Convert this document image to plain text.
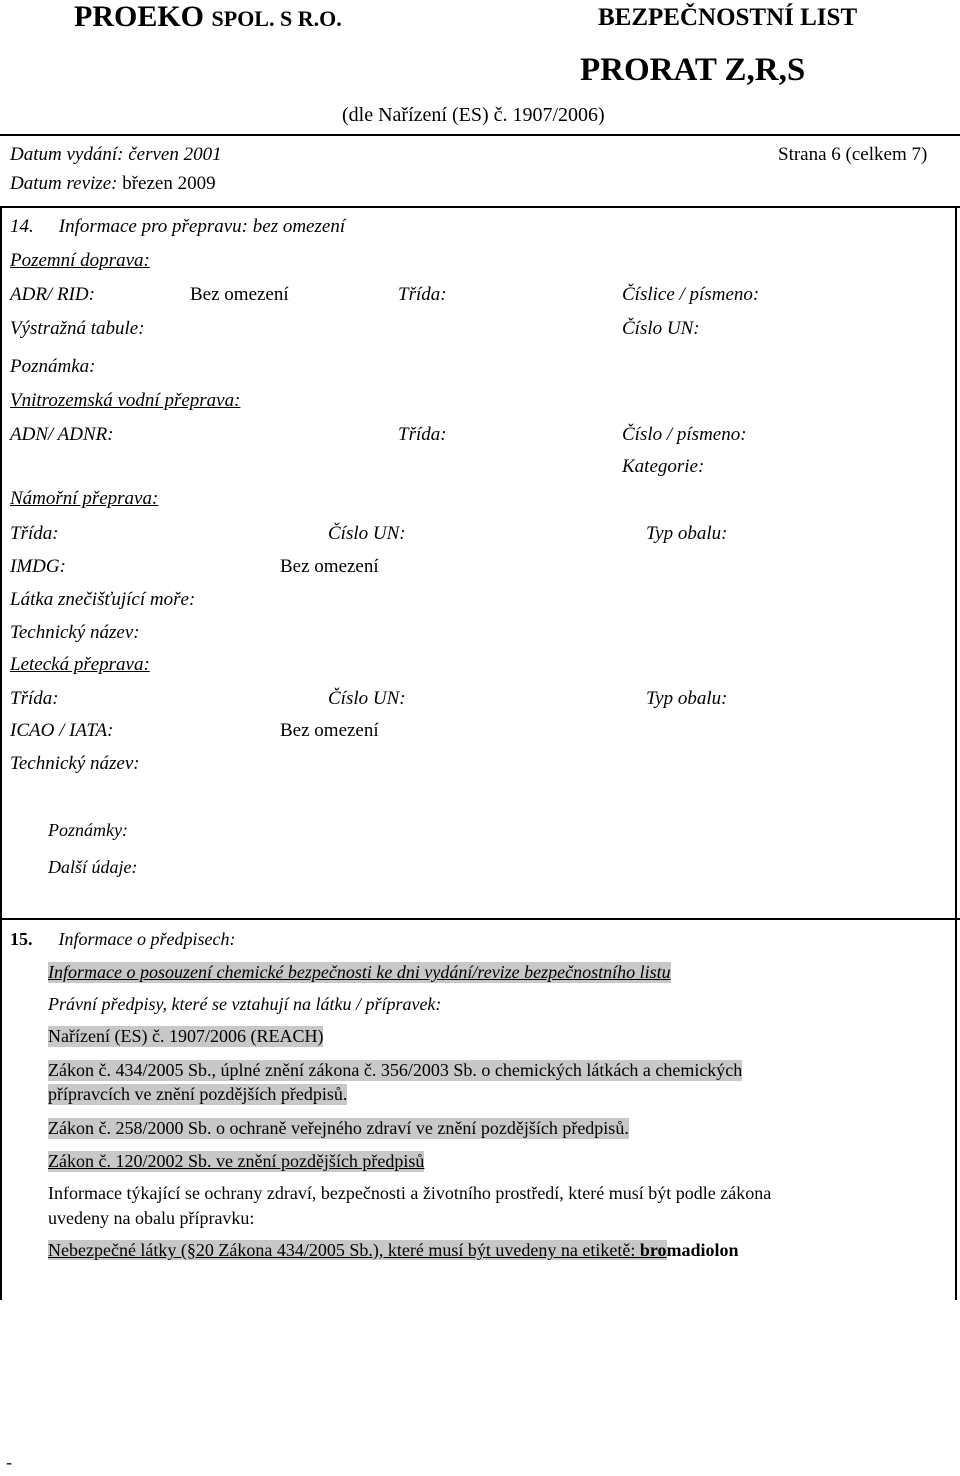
PROEKO SPOL. S R.O.	BEZPEČNOSTNÍ LIST
PRORAT Z,R,S
(dle Nařízení (ES) č. 1907/2006)
Datum vydání: červen 2001
Datum revize: březen 2009
Strana 6 (celkem 7)
14. Informace pro přepravu: bez omezení
Pozemní doprava:
ADR/ RID:	Bez omezení	Třída:	Číslice / písmeno:
Výstražná tabule:	Číslo UN:
Poznámka:
Vnitrozemská vodní přeprava:
ADN/ ADNR:	Třída:	Číslo / písmeno:
Kategorie:
Námořní přeprava:
Třída:	Číslo UN:	Typ obalu:
IMDG:	Bez omezení
Látka znečišťující moře:
Technický název:
Letecká přeprava:
Třída:	Číslo UN:	Typ obalu:
ICAO / IATA:	Bez omezení
Technický název:
Poznámky:
Další údaje:
15. Informace o předpisech:
Informace o posouzení chemické bezpečnosti ke dni vydání/revize bezpečnostního listu
Právní předpisy, které se vztahují na látku / přípravek:
Nařízení (ES) č. 1907/2006 (REACH)
Zákon č. 434/2005 Sb., úplné znění zákona č. 356/2003 Sb. o chemických látkách a chemických
přípravcích ve znění pozdějších předpisů.
Zákon č. 258/2000 Sb. o ochraně veřejného zdraví ve znění pozdějších předpisů.
Zákon č. 120/2002 Sb. ve znění pozdějších předpisů
Informace týkající se ochrany zdraví, bezpečnosti a životního prostředí, které musí být podle zákona
uvedeny na obalu přípravku:
Nebezpečné látky (§20 Zákona 434/2005 Sb.), které musí být uvedeny na etiketě: bromadiolon
-
